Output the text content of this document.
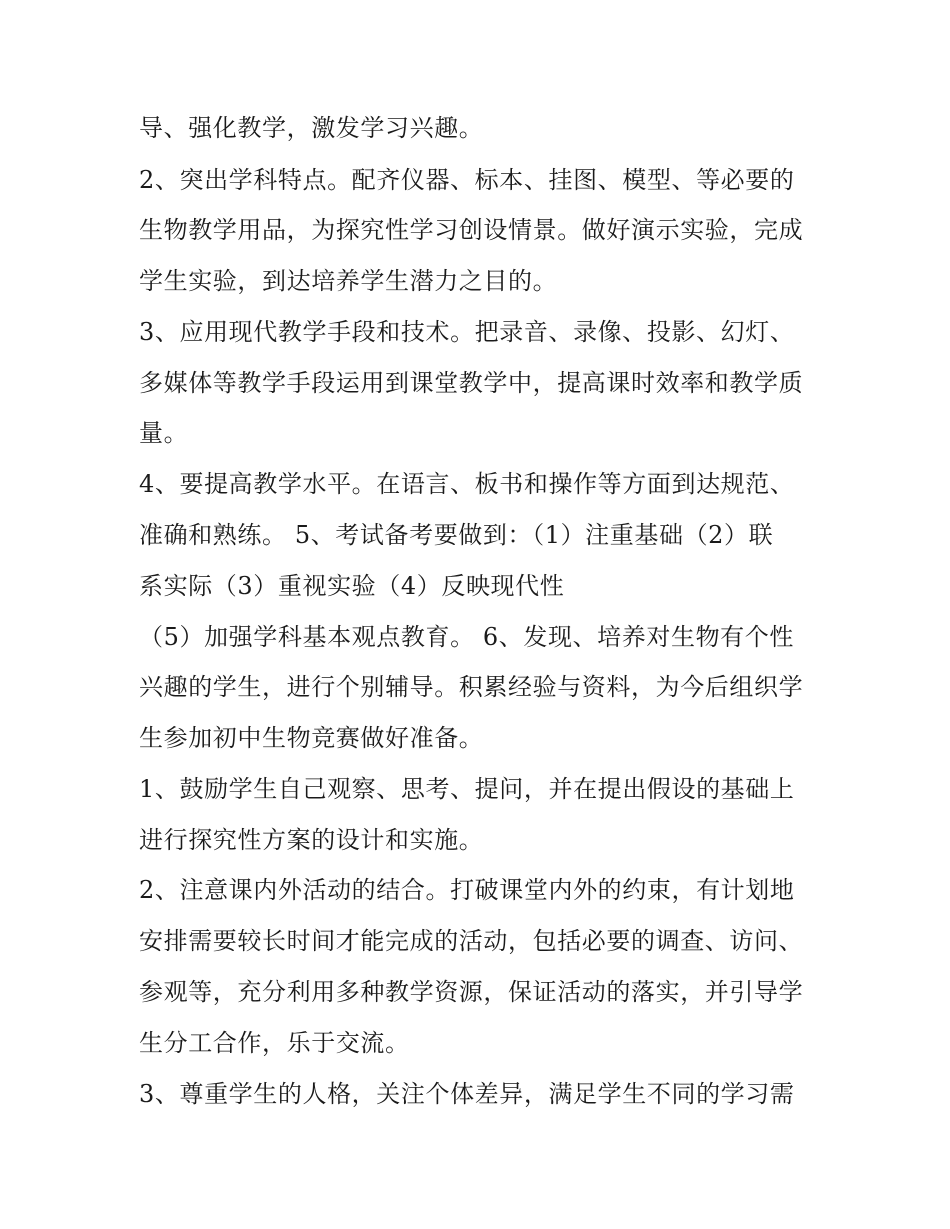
导、强化教学，激发学习兴趣。
2、突出学科特点。配齐仪器、标本、挂图、模型、等必要的
生物教学用品，为探究性学习创设情景。做好演示实验，完成
学生实验，到达培养学生潜力之目的。
3、应用现代教学手段和技术。把录音、录像、投影、幻灯、
多媒体等教学手段运用到课堂教学中，提高课时效率和教学质
量。
4、要提高教学水平。在语言、板书和操作等方面到达规范、
准确和熟练。 5、考试备考要做到：（1）注重基础（2）联
系实际（3）重视实验（4）反映现代性
（5）加强学科基本观点教育。 6、发现、培养对生物有个性
兴趣的学生，进行个别辅导。积累经验与资料，为今后组织学
生参加初中生物竞赛做好准备。
1、鼓励学生自己观察、思考、提问，并在提出假设的基础上
进行探究性方案的设计和实施。
2、注意课内外活动的结合。打破课堂内外的约束，有计划地
安排需要较长时间才能完成的活动，包括必要的调查、访问、
参观等，充分利用多种教学资源，保证活动的落实，并引导学
生分工合作，乐于交流。
3、尊重学生的人格，关注个体差异，满足学生不同的学习需
